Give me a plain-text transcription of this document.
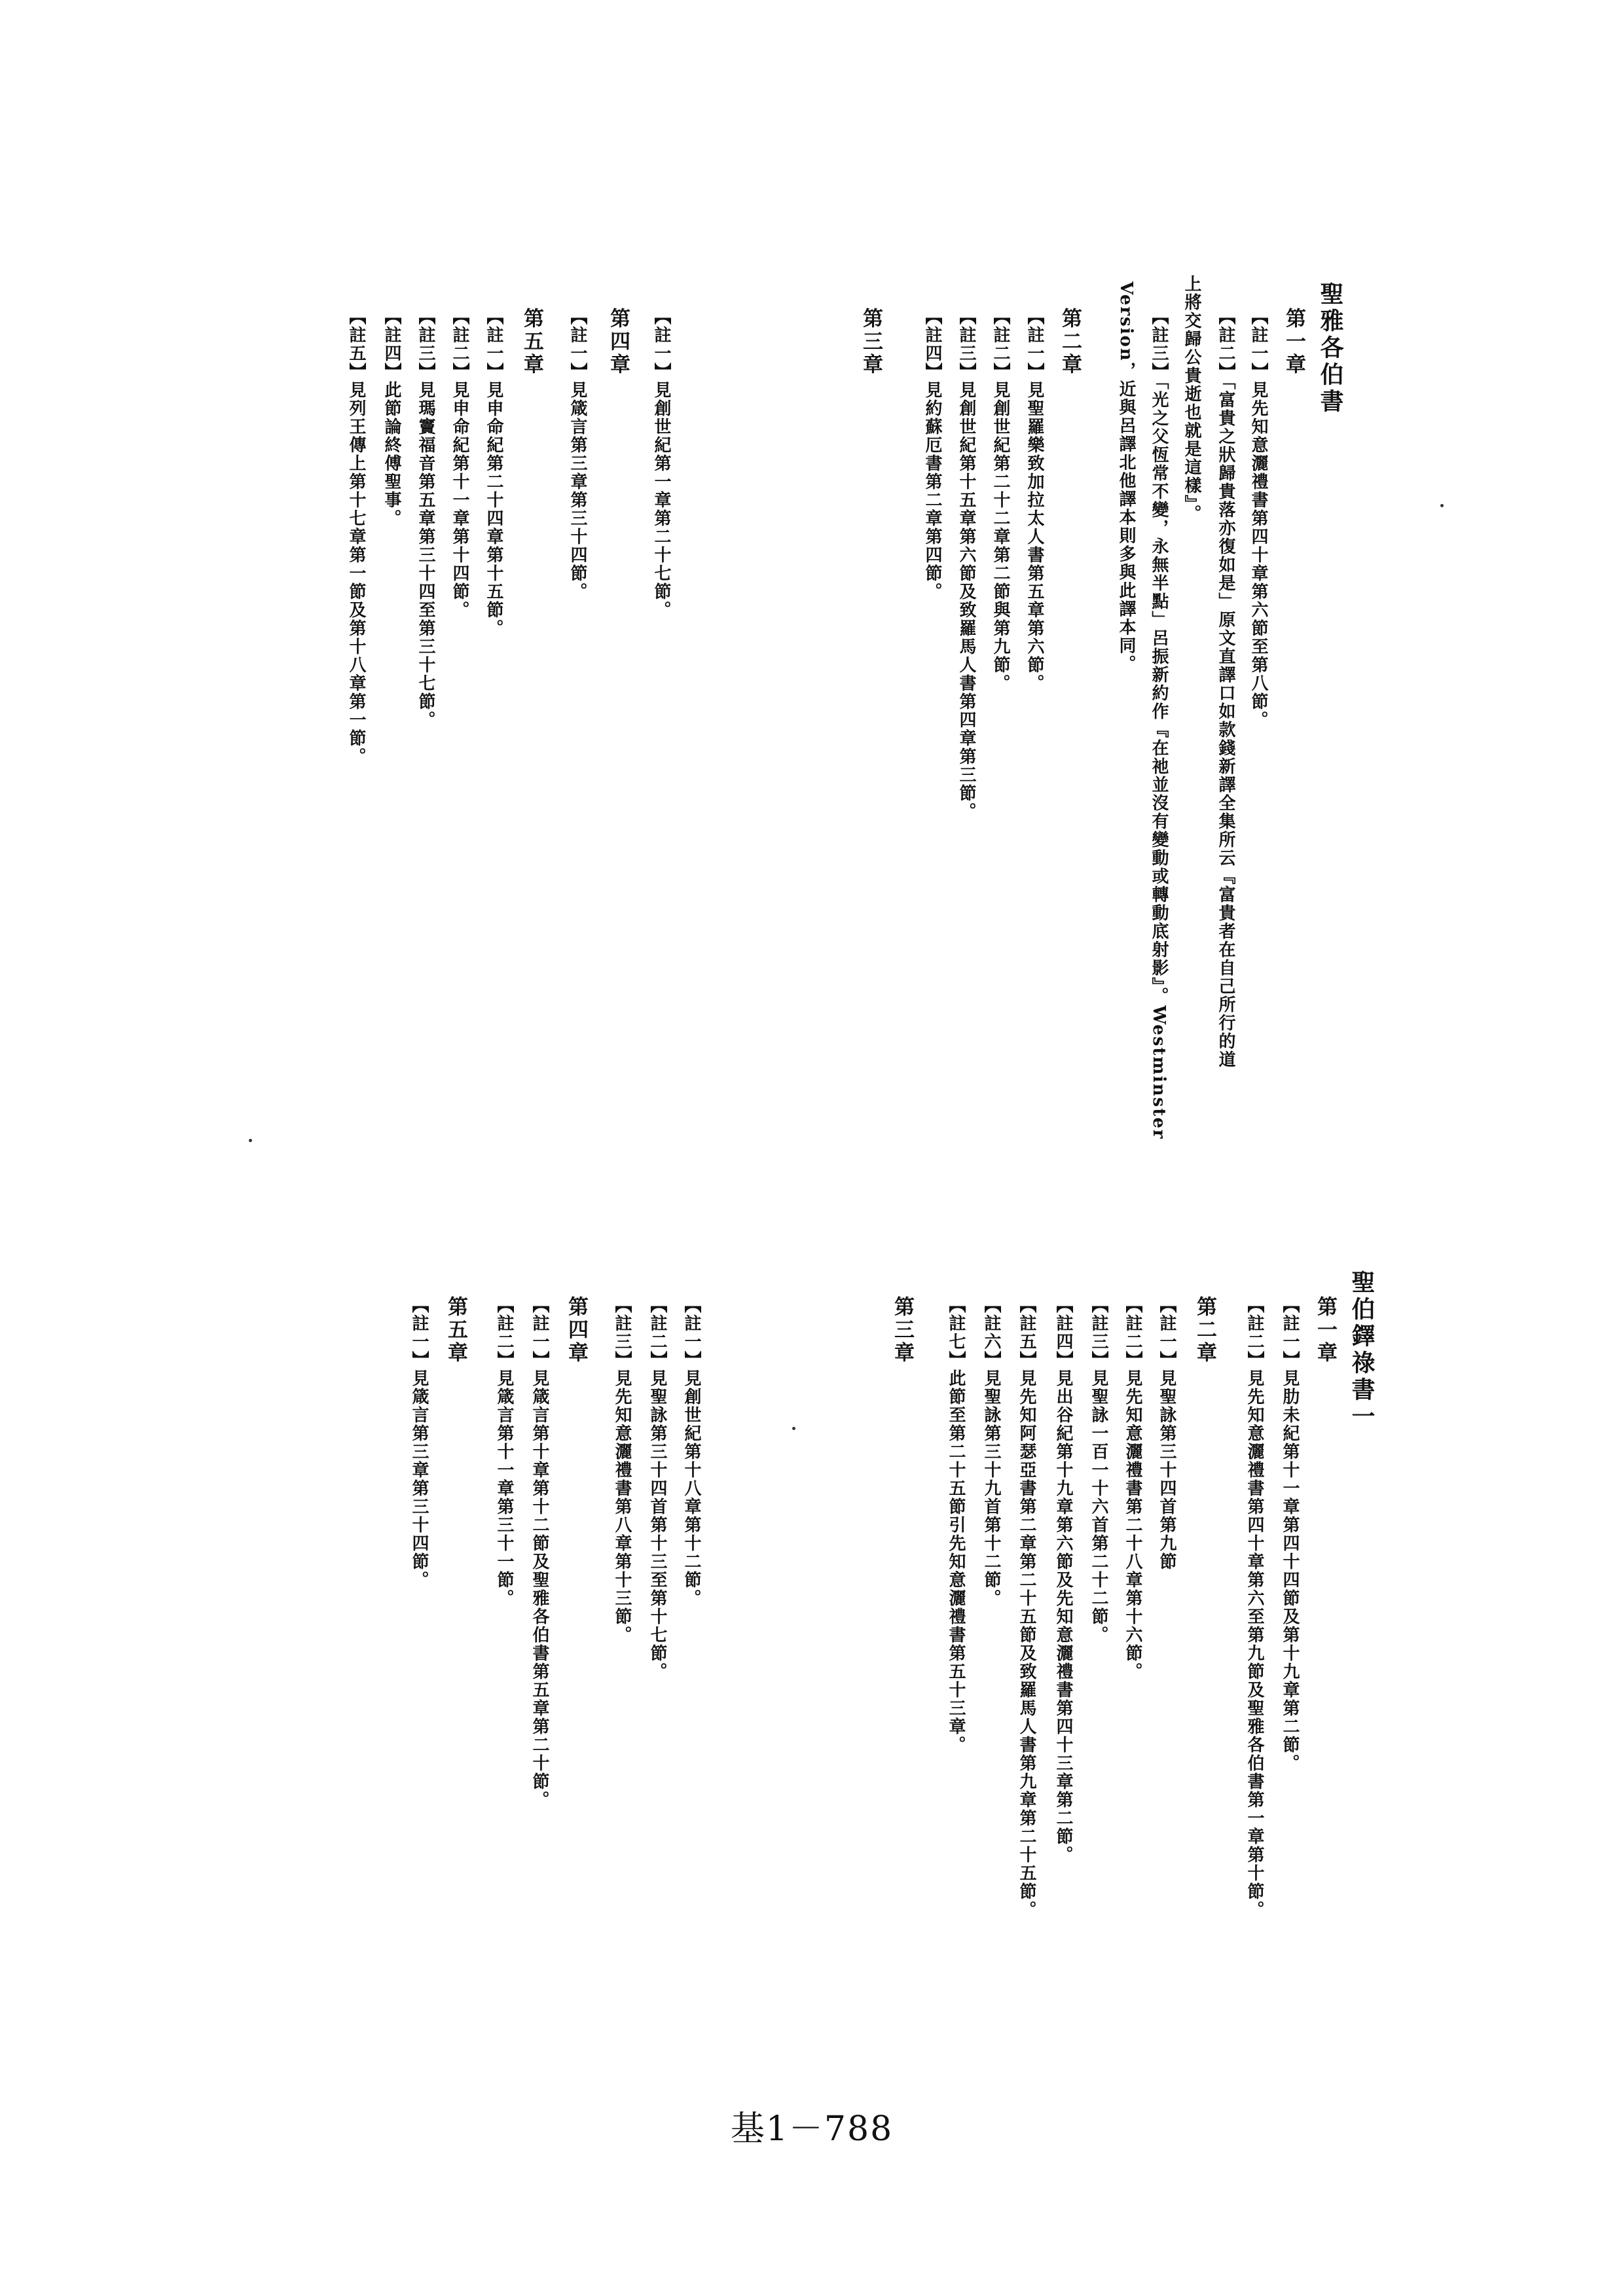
聖雅各伯書
第一章
【註一】見先知意灑禮書第四十章第六節至第八節。
【註二】「富貴之狀歸貴落亦復如是」原文直譯口如款錢新譯全集所云『富貴者在自己所行的道
上將交歸公貴逝也就是這樣』。
【註三】「光之父恆常不變，永無半點」呂振新約作『在祂並沒有變動或轉動底射影』。Westminster
Version，近與呂譯北他譯本則多與此譯本同。
第二章
【註一】見聖羅樂致加拉太人書第五章第六節。
【註二】見創世紀第二十二章第二節與第九節。
【註三】見創世紀第十五章第六節及致羅馬人書第四章第三節。
【註四】見約蘇厄書第二章第四節。
第三章
【註一】見創世紀第一章第二十七節。
第四章
【註一】見箴言第三章第三十四節。
第五章
【註一】見申命紀第二十四章第十五節。
【註二】見申命紀第十一章第十四節。
【註三】見瑪竇福音第五章第三十四至第三十七節。
【註四】此節論終傅聖事。
【註五】見列王傳上第十七章第一節及第十八章第一節。
聖伯鐸祿書一
第一章
【註一】見肋未紀第十一章第四十四節及第十九章第二節。
【註二】見先知意灑禮書第四十章第六至第九節及聖雅各伯書第一章第十節。
第二章
【註一】見聖詠第三十四首第九節
【註二】見先知意灑禮書第二十八章第十六節。
【註三】見聖詠一百一十六首第二十二節。
【註四】見出谷紀第十九章第六節及先知意灑禮書第四十三章第二節。
【註五】見先知阿瑟亞書第二章第二十五節及致羅馬人書第九章第二十五節。
【註六】見聖詠第三十九首第十二節。
【註七】此節至第二十五節引先知意灑禮書第五十三章。
第三章
【註一】見創世紀第十八章第十二節。
【註二】見聖詠第三十四首第十三至第十七節。
【註三】見先知意灑禮書第八章第十三節。
第四章
【註一】見箴言第十章第十二節及聖雅各伯書第五章第二十節。
【註二】見箴言第十一章第三十一節。
第五章
【註一】見箴言第三章第三十四節。
基1－788
